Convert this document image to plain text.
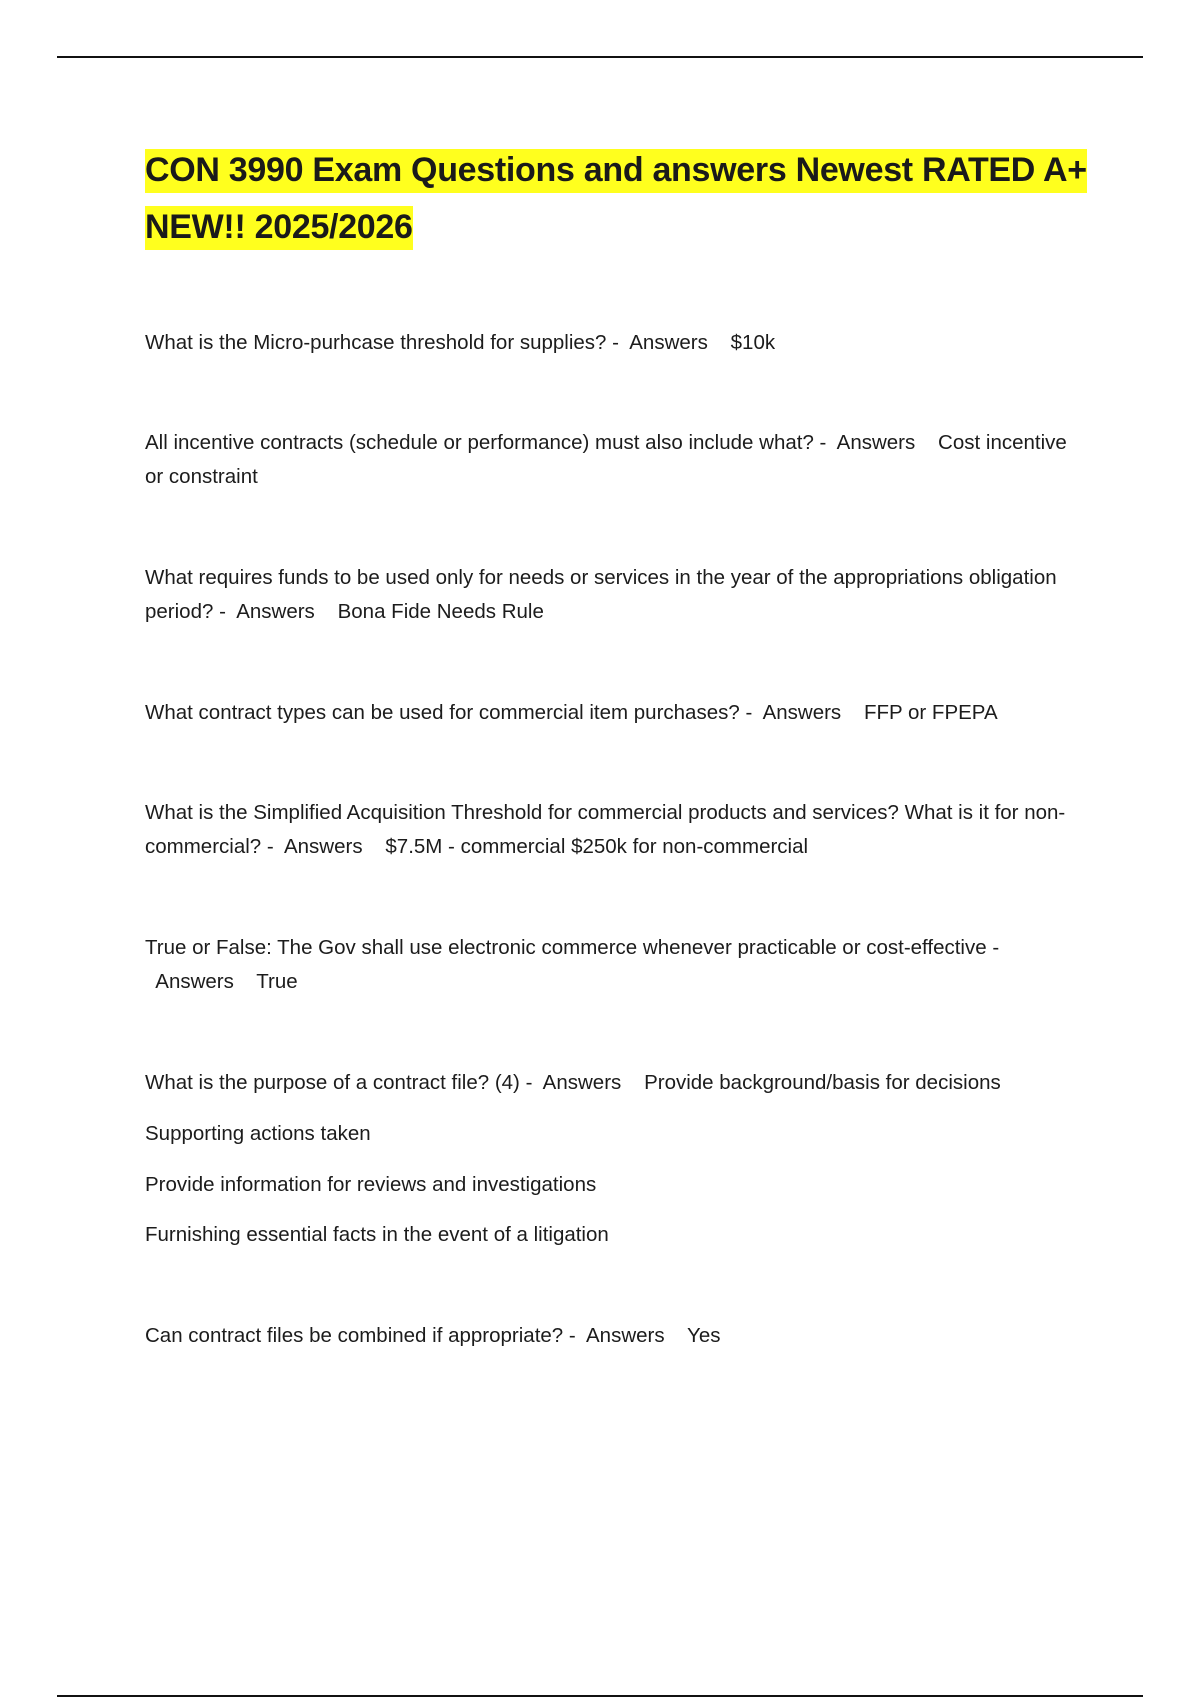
CON 3990 Exam Questions and answers Newest RATED A+ NEW!! 2025/2026
What is the Micro-purhcase threshold for supplies? - Answers $10k
All incentive contracts (schedule or performance) must also include what? - Answers Cost incentive or constraint
What requires funds to be used only for needs or services in the year of the appropriations obligation period? - Answers Bona Fide Needs Rule
What contract types can be used for commercial item purchases? - Answers FFP or FPEPA
What is the Simplified Acquisition Threshold for commercial products and services? What is it for non-commercial? - Answers $7.5M - commercial $250k for non-commercial
True or False: The Gov shall use electronic commerce whenever practicable or cost-effective -  Answers True
What is the purpose of a contract file? (4) - Answers Provide background/basis for decisions
Supporting actions taken
Provide information for reviews and investigations
Furnishing essential facts in the event of a litigation
Can contract files be combined if appropriate? - Answers Yes
